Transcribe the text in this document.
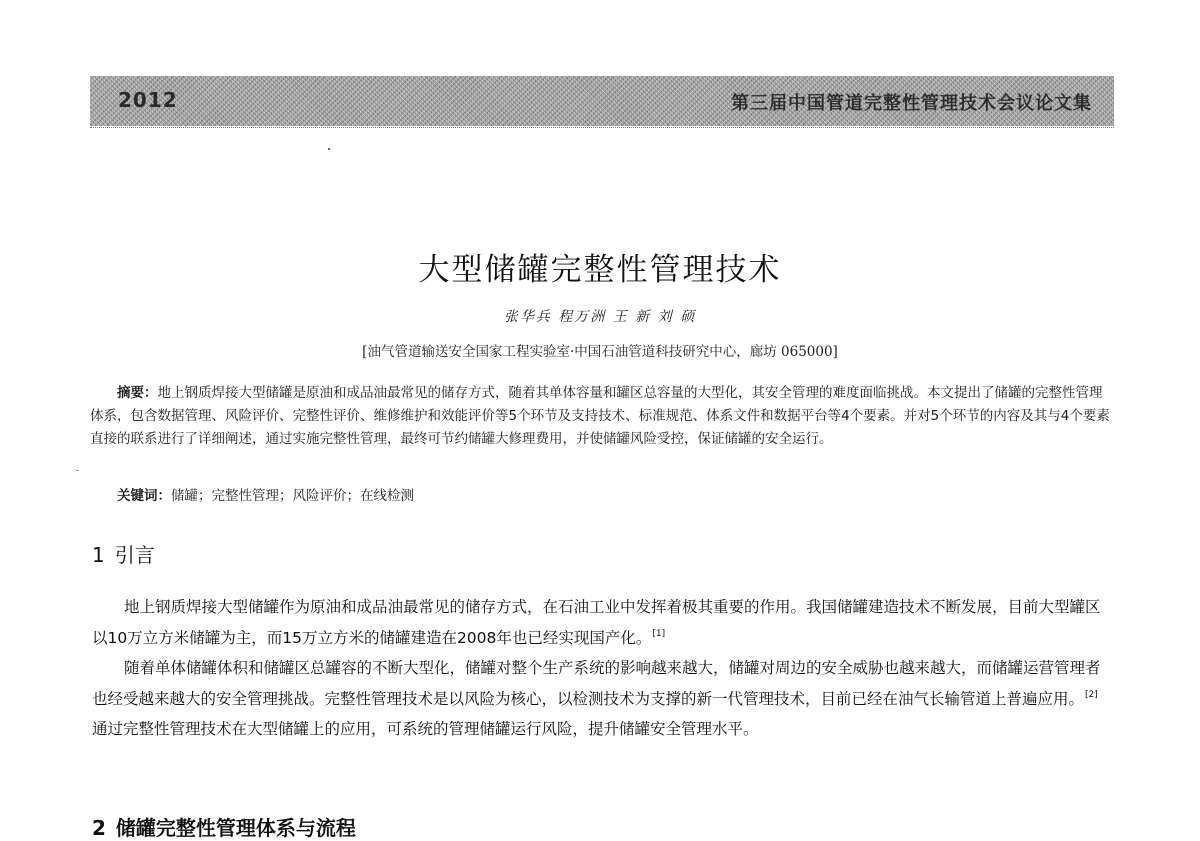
2012	第三届中国管道完整性管理技术会议论文集
大型储罐完整性管理技术
张华兵 程万洲 王 新 刘 硕
[油气管道输送安全国家工程实验室·中国石油管道科技研究中心，廊坊 065000]

摘要：地上钢质焊接大型储罐是原油和成品油最常见的储存方式，随着其单体容量和罐区总容量的大型化，其安全管理的难度面临挑战。本文提出了储罐的完整性管理体系，包含数据管理、风险评价、完整性评价、维修维护和效能评价等5个环节及支持技术、标准规范、体系文件和数据平台等4个要素。并对5个环节的内容及其与4个要素直接的联系进行了详细阐述，通过实施完整性管理，最终可节约储罐大修理费用，并使储罐风险受控，保证储罐的安全运行。

关键词：储罐；完整性管理；风险评价；在线检测
1 引言

地上钢质焊接大型储罐作为原油和成品油最常见的储存方式，在石油工业中发挥着极其重要的作用。我国储罐建造技术不断发展，目前大型罐区以10万立方米储罐为主，而15万立方米的储罐建造在2008年也已经实现国产化。[1]

随着单体储罐体积和储罐区总罐容的不断大型化，储罐对整个生产系统的影响越来越大，储罐对周边的安全威胁也越来越大，而储罐运营管理者也经受越来越大的安全管理挑战。完整性管理技术是以风险为核心，以检测技术为支撑的新一代管理技术，目前已经在油气长输管道上普遍应用。[2]通过完整性管理技术在大型储罐上的应用，可系统的管理储罐运行风险，提升储罐安全管理水平。

2 储罐完整性管理体系与流程
